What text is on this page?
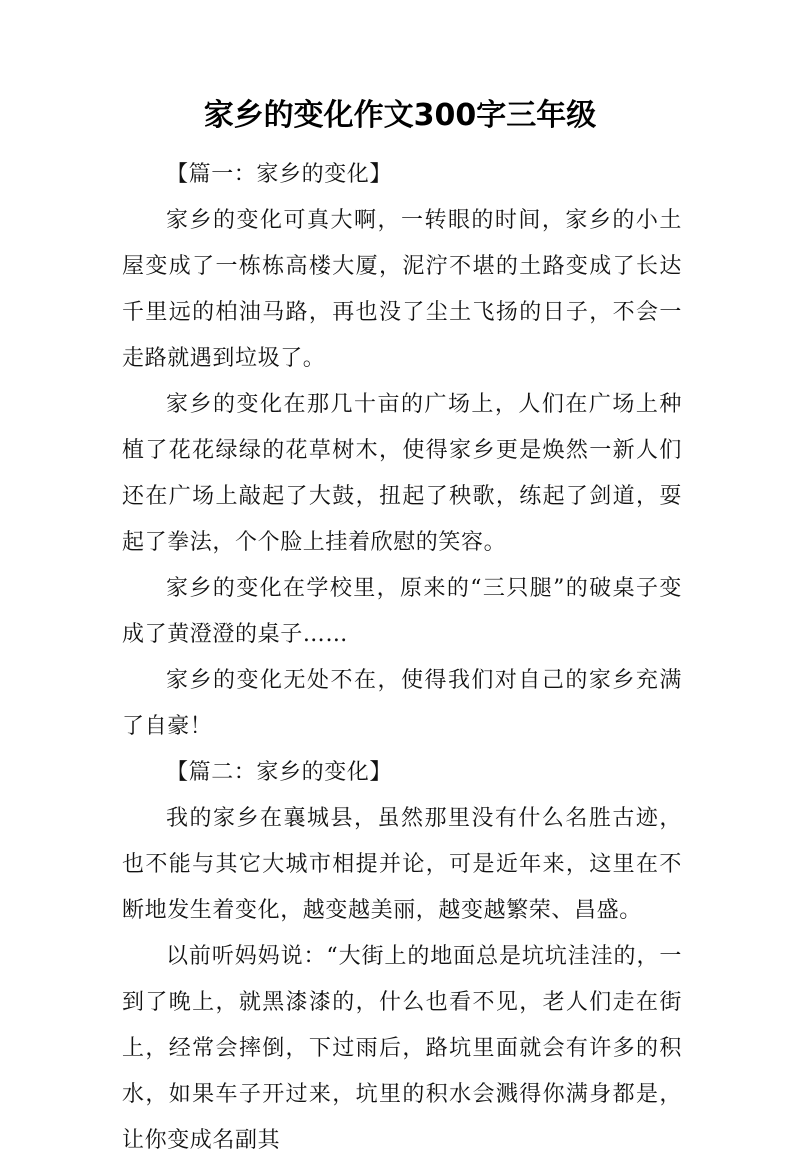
家乡的变化作文300字三年级

【篇一：家乡的变化】

家乡的变化可真大啊，一转眼的时间，家乡的小土屋变成了一栋栋高楼大厦，泥泞不堪的土路变成了长达千里远的柏油马路，再也没了尘土飞扬的日子，不会一走路就遇到垃圾了。

家乡的变化在那几十亩的广场上，人们在广场上种植了花花绿绿的花草树木，使得家乡更是焕然一新人们还在广场上敲起了大鼓，扭起了秧歌，练起了剑道，耍起了拳法，个个脸上挂着欣慰的笑容。

家乡的变化在学校里，原来的“三只腿”的破桌子变成了黄澄澄的桌子……

家乡的变化无处不在，使得我们对自己的家乡充满了自豪！

【篇二：家乡的变化】

我的家乡在襄城县，虽然那里没有什么名胜古迹，也不能与其它大城市相提并论，可是近年来，这里在不断地发生着变化，越变越美丽，越变越繁荣、昌盛。

以前听妈妈说：“大街上的地面总是坑坑洼洼的，一到了晚上，就黑漆漆的，什么也看不见，老人们走在街上，经常会摔倒，下过雨后，路坑里面就会有许多的积水，如果车子开过来，坑里的积水会溅得你满身都是，让你变成名副其
